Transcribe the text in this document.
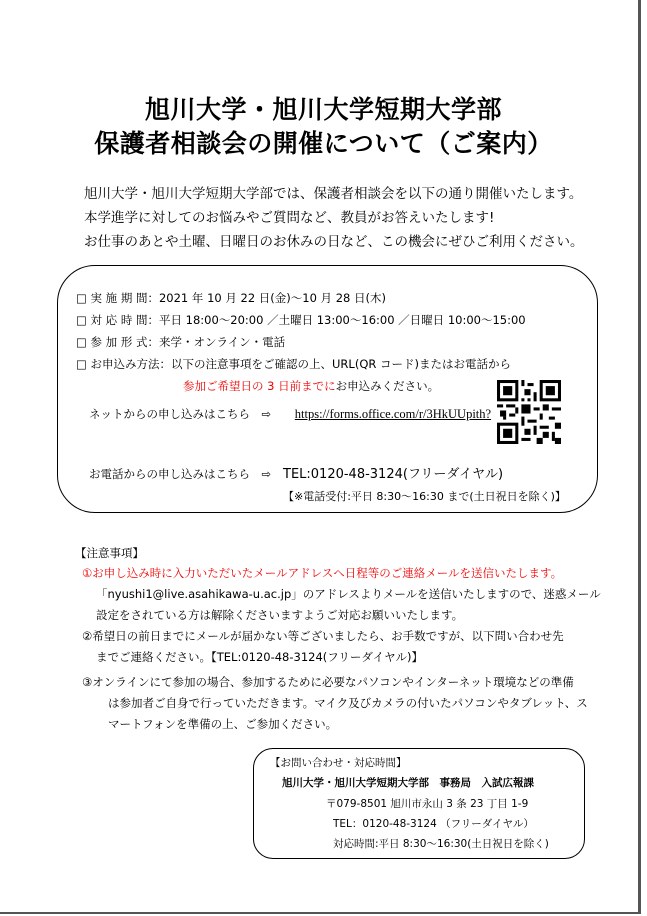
旭川大学・旭川大学短期大学部
保護者相談会の開催について（ご案内）
旭川大学・旭川大学短期大学部では、保護者相談会を以下の通り開催いたします。
本学進学に対してのお悩みやご質問など、教員がお答えいたします!
お仕事のあとや土曜、日曜日のお休みの日など、この機会にぜひご利用ください。
□ 実 施 期 間：2021 年 10 月 22 日(金)～10 月 28 日(木)
□ 対 応 時 間：平日 18:00～20:00 ／土曜日 13:00～16:00 ／日曜日 10:00～15:00
□ 参 加 形 式：来学・オンライン・電話
□ お申込み方法：以下の注意事項をご確認の上、URL(QR コード)またはお電話から
参加ご希望日の 3 日前までにお申込みください。
ネットからの申し込みはこちら　⇨ https://forms.office.com/r/3HkUUpith?
お電話からの申し込みはこちら　⇨ TEL:0120-48-3124(フリーダイヤル)
【※電話受付:平日 8:30～16:30 まで(土日祝日を除く)】
【注意事項】
①お申し込み時に入力いただいたメールアドレスへ日程等のご連絡メールを送信いたします。
「nyushi1@live.asahikawa-u.ac.jp」のアドレスよりメールを送信いたしますので、迷惑メール
設定をされている方は解除くださいますようご対応お願いいたします。
②希望日の前日までにメールが届かない等ございましたら、お手数ですが、以下問い合わせ先
までご連絡ください。【TEL:0120-48-3124(フリーダイヤル)】
③オンラインにて参加の場合、参加するために必要なパソコンやインターネット環境などの準備
は参加者ご自身で行っていただきます。マイク及びカメラの付いたパソコンやタブレット、ス
マートフォンを準備の上、ご参加ください。
【お問い合わせ・対応時間】
旭川大学・旭川大学短期大学部　事務局　入試広報課
〒079-8501 旭川市永山 3 条 23 丁目 1-9
TEL：0120-48-3124 （フリーダイヤル）
対応時間:平日 8:30～16:30(土日祝日を除く)
